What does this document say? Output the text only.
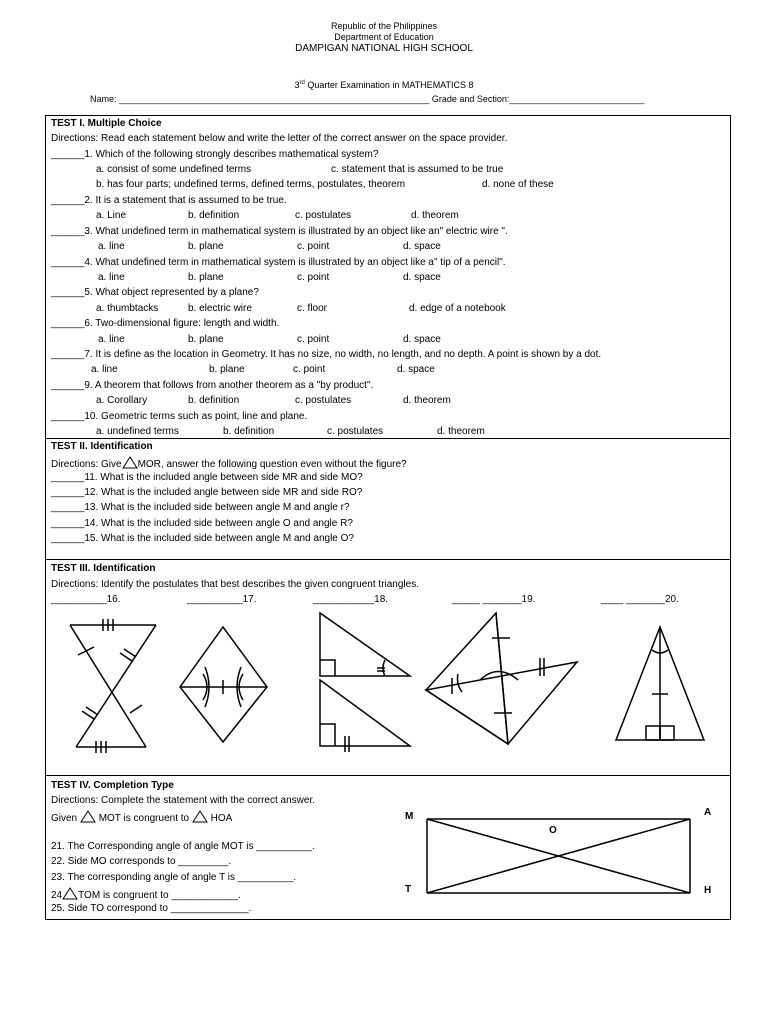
Republic of the Philippines
Department of Education
DAMPIGAN NATIONAL HIGH SCHOOL
3rd Quarter Examination in MATHEMATICS 8
Name: ______________________________________________________________ Grade and Section:___________________________
TEST I. Multiple Choice
Directions: Read each statement below and write the letter of the correct answer on the space provider.
______1. Which of the following strongly describes mathematical system?
a. consist of some undefined terms	c. statement that is assumed to be true
b. has four parts; undefined terms, defined terms, postulates, theorem	d. none of these
______2. It is a statement that is assumed to be true.
a. Line	b. definition	c. postulates	d. theorem
______3. What undefined term in mathematical system is illustrated by an object like an" electric wire ".
a. line	b. plane	c. point	d. space
______4. What undefined term in mathematical system is illustrated by an object like a" tip of a pencil".
a. line	b. plane	c. point	d. space
______5. What object represented by a plane?
a. thumbtacks	b. electric wire	c. floor	d. edge of a notebook
______6. Two-dimensional figure: length and width.
a. line	b. plane	c. point	d. space
______7. It is define as the location in Geometry. It has no size, no width, no length, and no depth. A point is shown by a dot.
a. line	b. plane	c. point	d. space
______9. A theorem that follows from another theorem as a "by product".
a. Corollary	b. definition	c. postulates	d. theorem
______10. Geometric terms such as point, line and plane.
a. undefined terms	b. definition	c. postulates	d. theorem
TEST II. Identification
Directions: Give MOR, answer the following question even without the figure?
______11. What is the included angle between side MR and side MO?
______12. What is the included angle between side MR and side RO?
______13. What is the included side between angle M and angle r?
______14. What is the included side between angle O and angle R?
______15. What is the included side between angle M and angle O?
TEST III. Identification
Directions: Identify the postulates that best describes the given congruent triangles.
__________16.	__________17.	___________18.	_____ _______19.	____ _______20.
TEST IV. Completion Type
Directions: Complete the statement with the correct answer.
Given MOT is congruent to HOA
21. The Corresponding angle of angle MOT is __________.
22. Side MO corresponds to _________.
23. The corresponding angle of angle T is __________.
24 TOM is congruent to ____________.
25. Side TO correspond to ______________.
M	A
O
T	H
